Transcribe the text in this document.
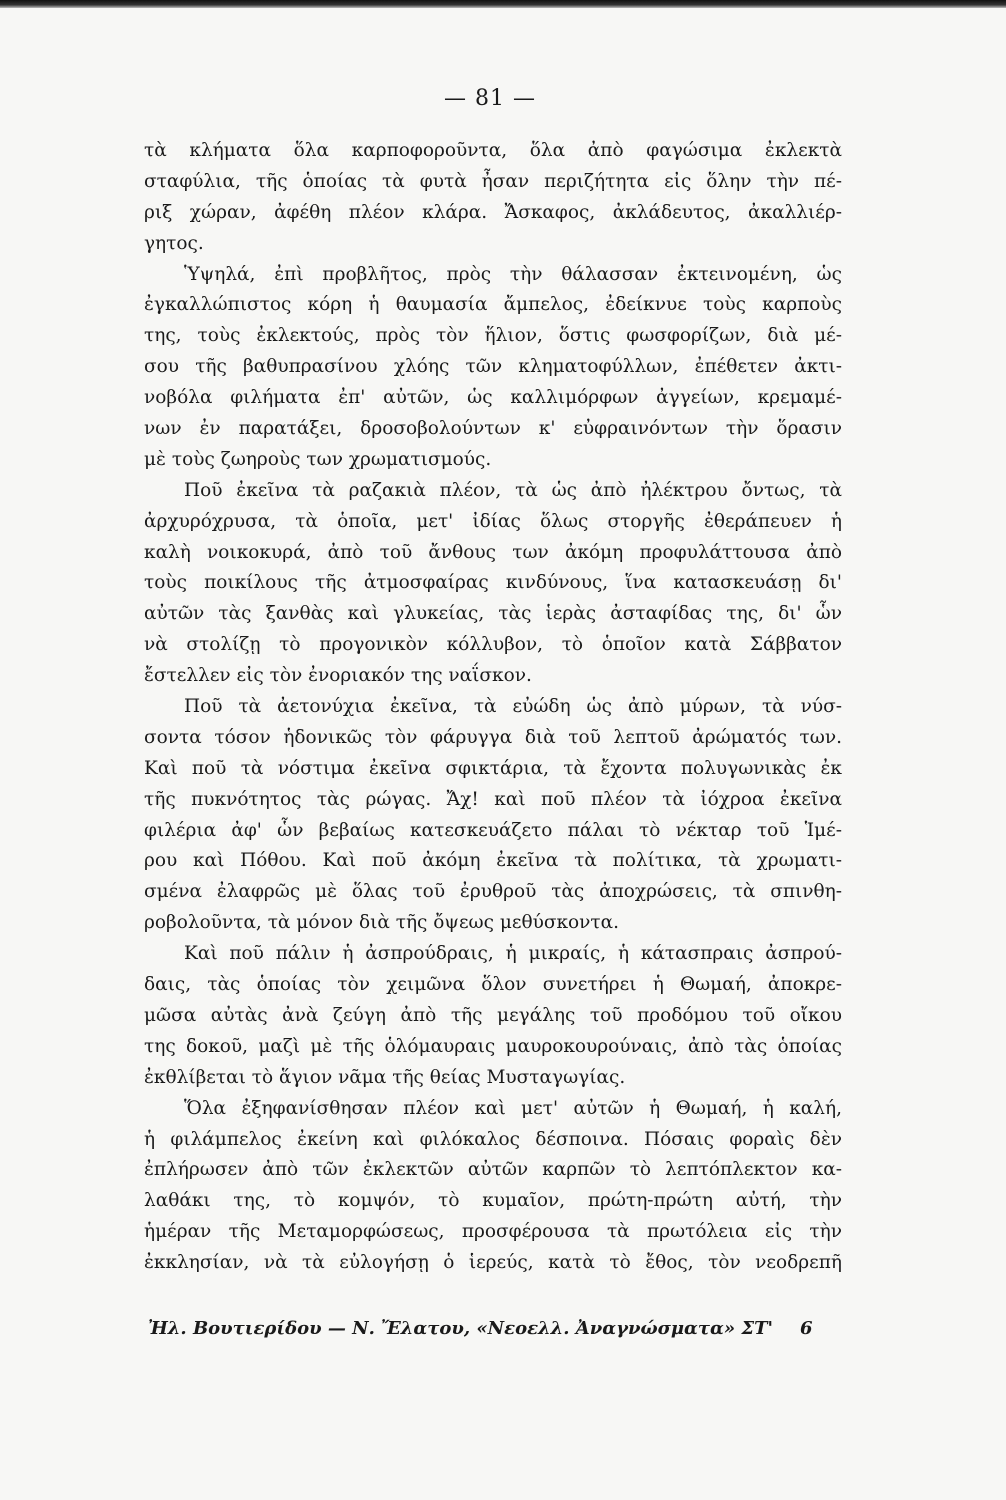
— 81 —
τὰ κλήματα ὅλα καρποφοροῦντα, ὅλα ἀπὸ φαγώσιμα ἐκλεκτὰ
σταφύλια, τῆς ὁποίας τὰ φυτὰ ἦσαν περιζήτητα εἰς ὅλην τὴν πέ-
ριξ χώραν, ἀφέθη πλέον κλάρα. Ἄσκαφος, ἀκλάδευτος, ἀκαλλιέρ-
γητος.
Ὑψηλά, ἐπὶ προβλῆτος, πρὸς τὴν θάλασσαν ἐκτεινομένη, ὡς
ἐγκαλλώπιστος κόρη ἡ θαυμασία ἄμπελος, ἐδείκνυε τοὺς καρποὺς
της, τοὺς ἐκλεκτούς, πρὸς τὸν ἥλιον, ὅστις φωσφορίζων, διὰ μέ-
σου τῆς βαθυπρασίνου χλόης τῶν κληματοφύλλων, ἐπέθετεν ἀκτι-
νοβόλα φιλήματα ἐπ' αὐτῶν, ὡς καλλιμόρφων ἀγγείων, κρεμαμέ-
νων ἐν παρατάξει, δροσοβολούντων κ' εὐφραινόντων τὴν ὅρασιν
μὲ τοὺς ζωηροὺς των χρωματισμούς.
Ποῦ ἐκεῖνα τὰ ραζακιὰ πλέον, τὰ ὡς ἀπὸ ἠλέκτρου ὄντως, τὰ
ἀρχυρόχρυσα, τὰ ὁποῖα, μετ' ἰδίας ὅλως στοργῆς ἐθεράπευεν ἡ
καλὴ νοικοκυρά, ἀπὸ τοῦ ἄνθους των ἀκόμη προφυλάττουσα ἀπὸ
τοὺς ποικίλους τῆς ἀτμοσφαίρας κινδύνους, ἵνα κατασκευάσῃ δι'
αὐτῶν τὰς ξανθὰς καὶ γλυκείας, τὰς ἱερὰς ἀσταφίδας της, δι' ὧν
νὰ στολίζῃ τὸ προγονικὸν κόλλυβον, τὸ ὁποῖον κατὰ Σάββατον
ἔστελλεν εἰς τὸν ἐνοριακόν της ναΐσκον.
Ποῦ τὰ ἀετονύχια ἐκεῖνα, τὰ εὐώδη ὡς ἀπὸ μύρων, τὰ νύσ-
σοντα τόσον ἡδονικῶς τὸν φάρυγγα διὰ τοῦ λεπτοῦ ἀρώματός των.
Καὶ ποῦ τὰ νόστιμα ἐκεῖνα σφικτάρια, τὰ ἔχοντα πολυγωνικὰς ἐκ
τῆς πυκνότητος τὰς ρώγας. Ἄχ! καὶ ποῦ πλέον τὰ ἰόχροα ἐκεῖνα
φιλέρια ἀφ' ὧν βεβαίως κατεσκευάζετο πάλαι τὸ νέκταρ τοῦ Ἱμέ-
ρου καὶ Πόθου. Καὶ ποῦ ἀκόμη ἐκεῖνα τὰ πολίτικα, τὰ χρωματι-
σμένα ἐλαφρῶς μὲ ὅλας τοῦ ἐρυθροῦ τὰς ἀποχρώσεις, τὰ σπινθη-
ροβολοῦντα, τὰ μόνον διὰ τῆς ὄψεως μεθύσκοντα.
Καὶ ποῦ πάλιν ἡ ἀσπρούδραις, ἡ μικραίς, ἡ κάτασπραις ἀσπρού-
δαις, τὰς ὁποίας τὸν χειμῶνα ὅλον συνετήρει ἡ Θωμαή, ἀποκρε-
μῶσα αὐτὰς ἀνὰ ζεύγη ἀπὸ τῆς μεγάλης τοῦ προδόμου τοῦ οἴκου
της δοκοῦ, μαζὶ μὲ τῆς ὁλόμαυραις μαυροκουρούναις, ἀπὸ τὰς ὁποίας
ἐκθλίβεται τὸ ἅγιον νᾶμα τῆς θείας Μυσταγωγίας.
Ὅλα ἐξηφανίσθησαν πλέον καὶ μετ' αὐτῶν ἡ Θωμαή, ἡ καλή,
ἡ φιλάμπελος ἐκείνη καὶ φιλόκαλος δέσποινα. Πόσαις φοραὶς δὲν
ἐπλήρωσεν ἀπὸ τῶν ἐκλεκτῶν αὐτῶν καρπῶν τὸ λεπτόπλεκτον κα-
λαθάκι της, τὸ κομψόν, τὸ κυμαῖον, πρώτη-πρώτη αὐτή, τὴν
ἡμέραν τῆς Μεταμορφώσεως, προσφέρουσα τὰ πρωτόλεια εἰς τὴν
ἐκκλησίαν, νὰ τὰ εὐλογήσῃ ὁ ἱερεύς, κατὰ τὸ ἔθος, τὸν νεοδρεπῆ
Ἠλ. Βουτιερίδου — Ν. Ἔλατου, «Νεοελλ. Ἀναγνώσματα» ΣΤ'	6
